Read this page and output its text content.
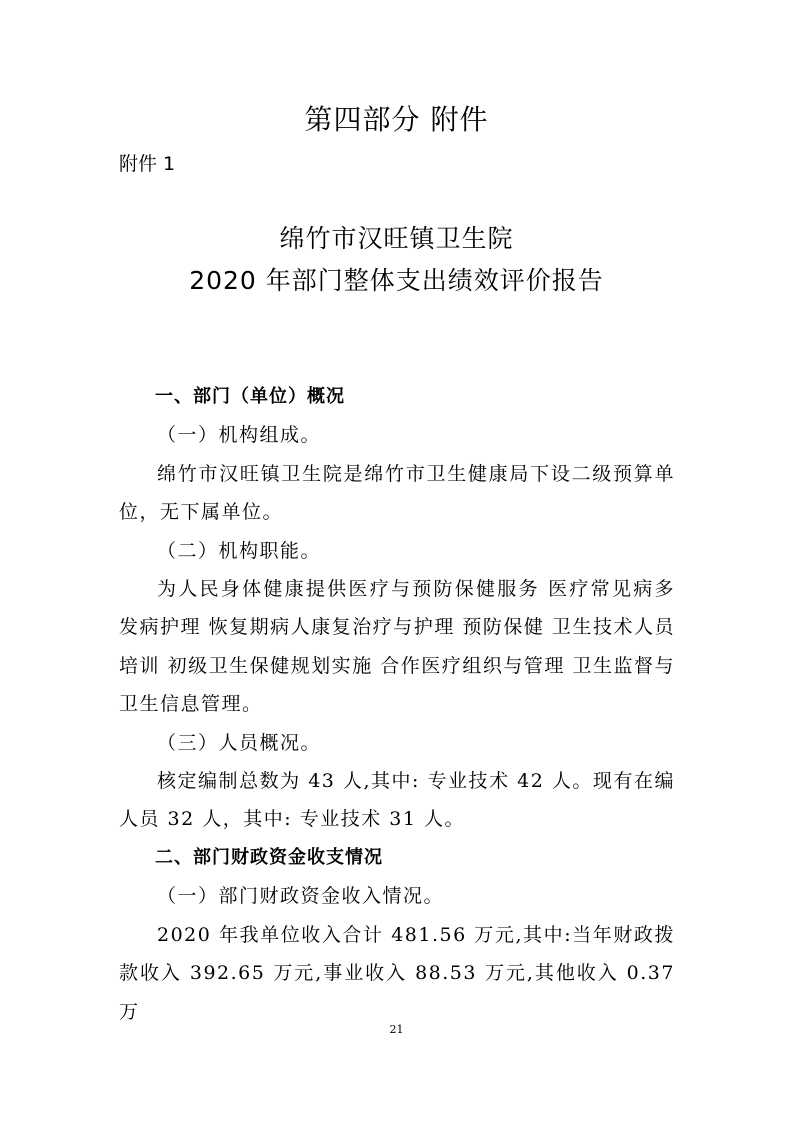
第四部分 附件
附件 1
绵竹市汉旺镇卫生院
2020 年部门整体支出绩效评价报告

一、部门（单位）概况

（一）机构组成。

绵竹市汉旺镇卫生院是绵竹市卫生健康局下设二级预算单位，无下属单位。

（二）机构职能。

为人民身体健康提供医疗与预防保健服务 医疗常见病多发病护理 恢复期病人康复治疗与护理 预防保健 卫生技术人员培训 初级卫生保健规划实施 合作医疗组织与管理 卫生监督与卫生信息管理。

（三）人员概况。

核定编制总数为 43 人,其中: 专业技术 42 人。现有在编人员 32 人，其中: 专业技术 31 人。

二、部门财政资金收支情况

（一）部门财政资金收入情况。

2020 年我单位收入合计 481.56 万元,其中:当年财政拨款收入 392.65 万元,事业收入 88.53 万元,其他收入 0.37 万

21
